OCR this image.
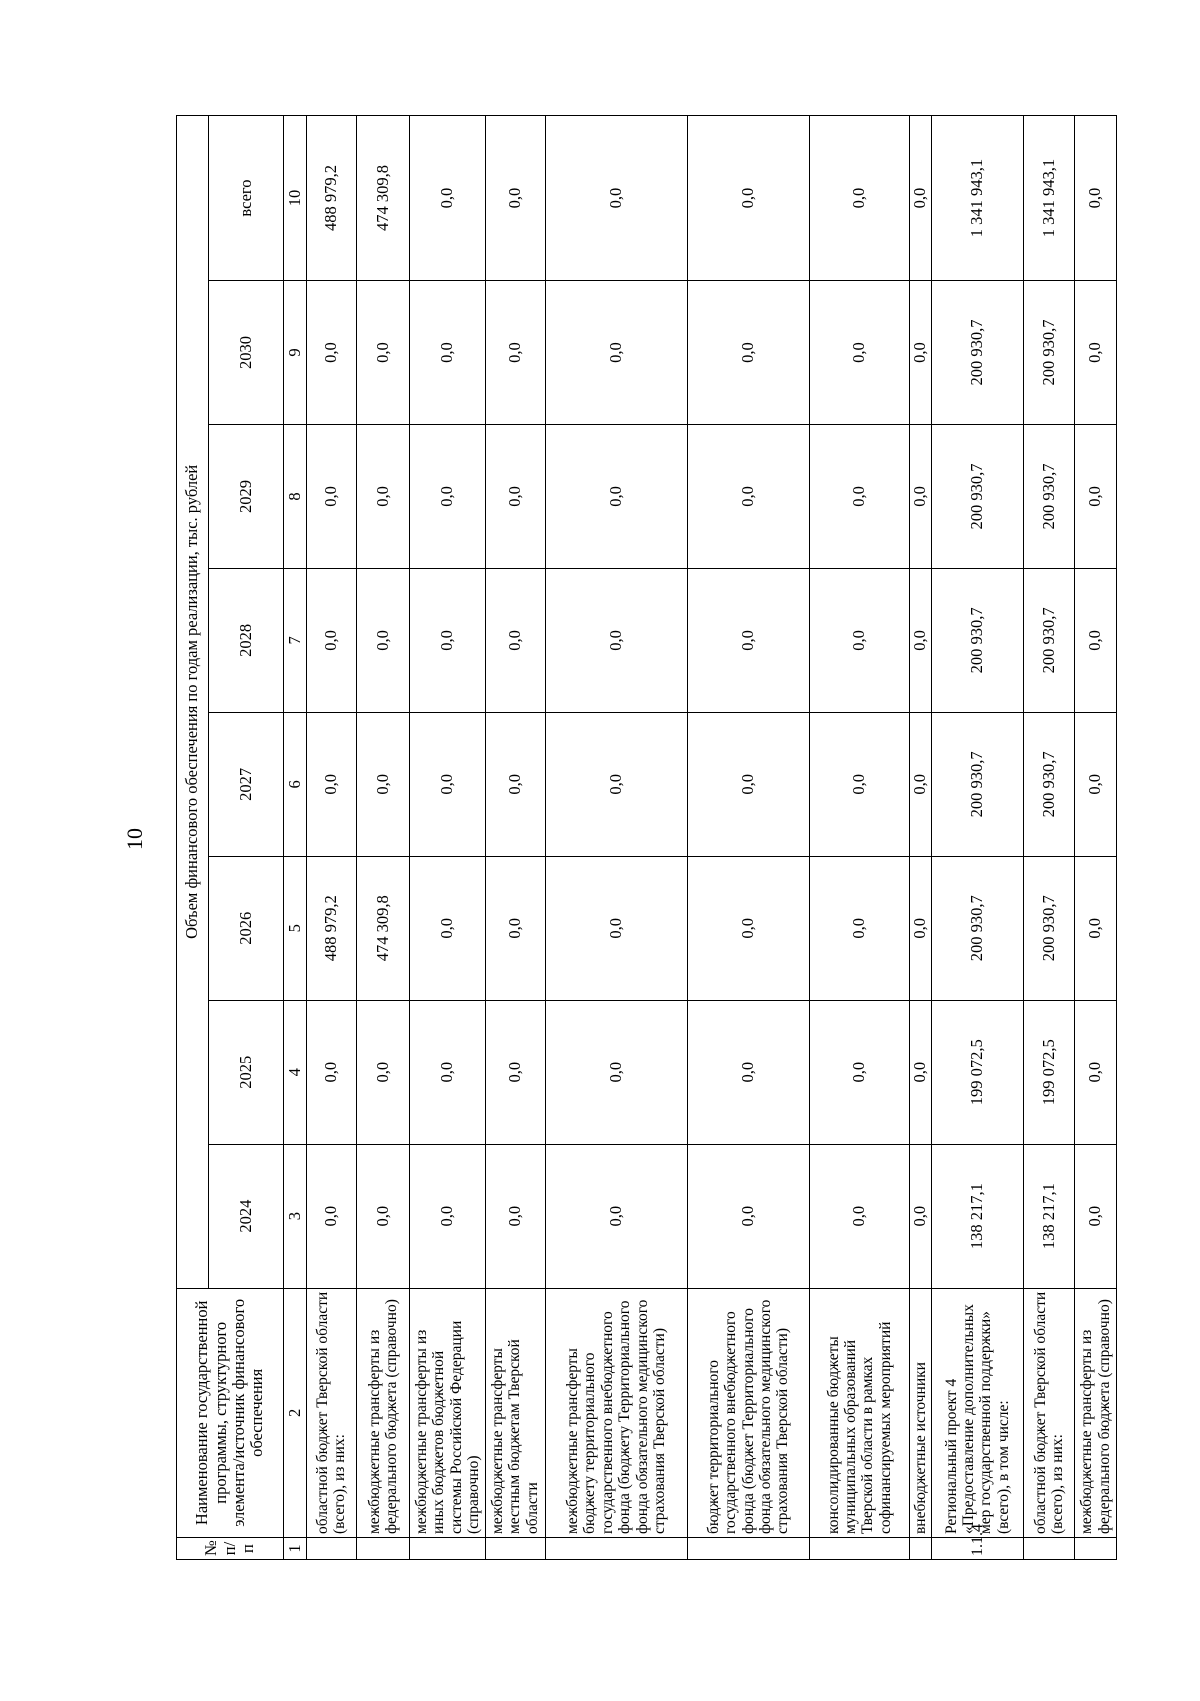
10
№ п/п	Наименование государственной программы, структурного элемента/источник финансового обеспечения	Объем финансового обеспечения по годам реализации, тыс. рублей							
		2024	2025	2026	2027	2028	2029	2030	всего
1	2	3	4	5	6	7	8	9	10
	областной бюджет Тверской области (всего), из них:	0,0	0,0	488 979,2	0,0	0,0	0,0	0,0	488 979,2
	межбюджетные трансферты из федерального бюджета (справочно)	0,0	0,0	474 309,8	0,0	0,0	0,0	0,0	474 309,8
	межбюджетные трансферты из иных бюджетов бюджетной системы Российской Федерации (справочно)	0,0	0,0	0,0	0,0	0,0	0,0	0,0	0,0
	межбюджетные трансферты местным бюджетам Тверской области	0,0	0,0	0,0	0,0	0,0	0,0	0,0	0,0
	межбюджетные трансферты бюджету территориального государственного внебюджетного фонда (бюджету Территориального фонда обязательного медицинского страхования Тверской области)	0,0	0,0	0,0	0,0	0,0	0,0	0,0	0,0
	бюджет территориального государственного внебюджетного фонда (бюджет Территориального фонда обязательного медицинского страхования Тверской области)	0,0	0,0	0,0	0,0	0,0	0,0	0,0	0,0
	консолидированные бюджеты муниципальных образований Тверской области в рамках софинансируемых мероприятий	0,0	0,0	0,0	0,0	0,0	0,0	0,0	0,0
	внебюджетные источники	0,0	0,0	0,0	0,0	0,0	0,0	0,0	0,0
1.1.4	Региональный проект 4 «Предоставление дополнительных мер государственной поддержки» (всего), в том числе:	138 217,1	199 072,5	200 930,7	200 930,7	200 930,7	200 930,7	200 930,7	1 341 943,1
	областной бюджет Тверской области (всего), из них:	138 217,1	199 072,5	200 930,7	200 930,7	200 930,7	200 930,7	200 930,7	1 341 943,1
	межбюджетные трансферты из федерального бюджета (справочно)	0,0	0,0	0,0	0,0	0,0	0,0	0,0	0,0
